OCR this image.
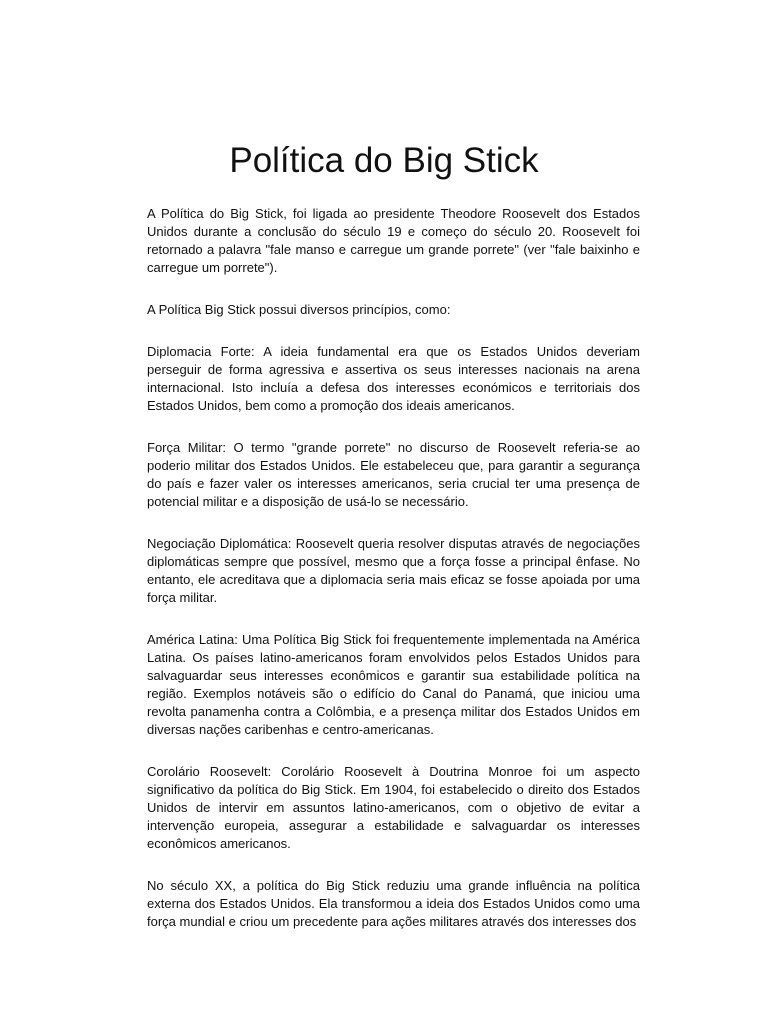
Política do Big Stick

A Política do Big Stick, foi ligada ao presidente Theodore Roosevelt dos Estados Unidos durante a conclusão do século 19 e começo do século 20. Roosevelt foi retornado a palavra "fale manso e carregue um grande porrete" (ver "fale baixinho e carregue um porrete").

A Política Big Stick possui diversos princípios, como:

Diplomacia Forte: A ideia fundamental era que os Estados Unidos deveriam perseguir de forma agressiva e assertiva os seus interesses nacionais na arena internacional. Isto incluía a defesa dos interesses económicos e territoriais dos Estados Unidos, bem como a promoção dos ideais americanos.

Força Militar: O termo "grande porrete" no discurso de Roosevelt referia-se ao poderio militar dos Estados Unidos. Ele estabeleceu que, para garantir a segurança do país e fazer valer os interesses americanos, seria crucial ter uma presença de potencial militar e a disposição de usá-lo se necessário.

Negociação Diplomática: Roosevelt queria resolver disputas através de negociações diplomáticas sempre que possível, mesmo que a força fosse a principal ênfase. No entanto, ele acreditava que a diplomacia seria mais eficaz se fosse apoiada por uma força militar.

América Latina: Uma Política Big Stick foi frequentemente implementada na América Latina. Os países latino-americanos foram envolvidos pelos Estados Unidos para salvaguardar seus interesses econômicos e garantir sua estabilidade política na região. Exemplos notáveis são o edifício do Canal do Panamá, que iniciou uma revolta panamenha contra a Colômbia, e a presença militar dos Estados Unidos em diversas nações caribenhas e centro-americanas.

Corolário Roosevelt: Corolário Roosevelt à Doutrina Monroe foi um aspecto significativo da política do Big Stick. Em 1904, foi estabelecido o direito dos Estados Unidos de intervir em assuntos latino-americanos, com o objetivo de evitar a intervenção europeia, assegurar a estabilidade e salvaguardar os interesses econômicos americanos.

No século XX, a política do Big Stick reduziu uma grande influência na política externa dos Estados Unidos. Ela transformou a ideia dos Estados Unidos como uma força mundial e criou um precedente para ações militares através dos interesses dos
